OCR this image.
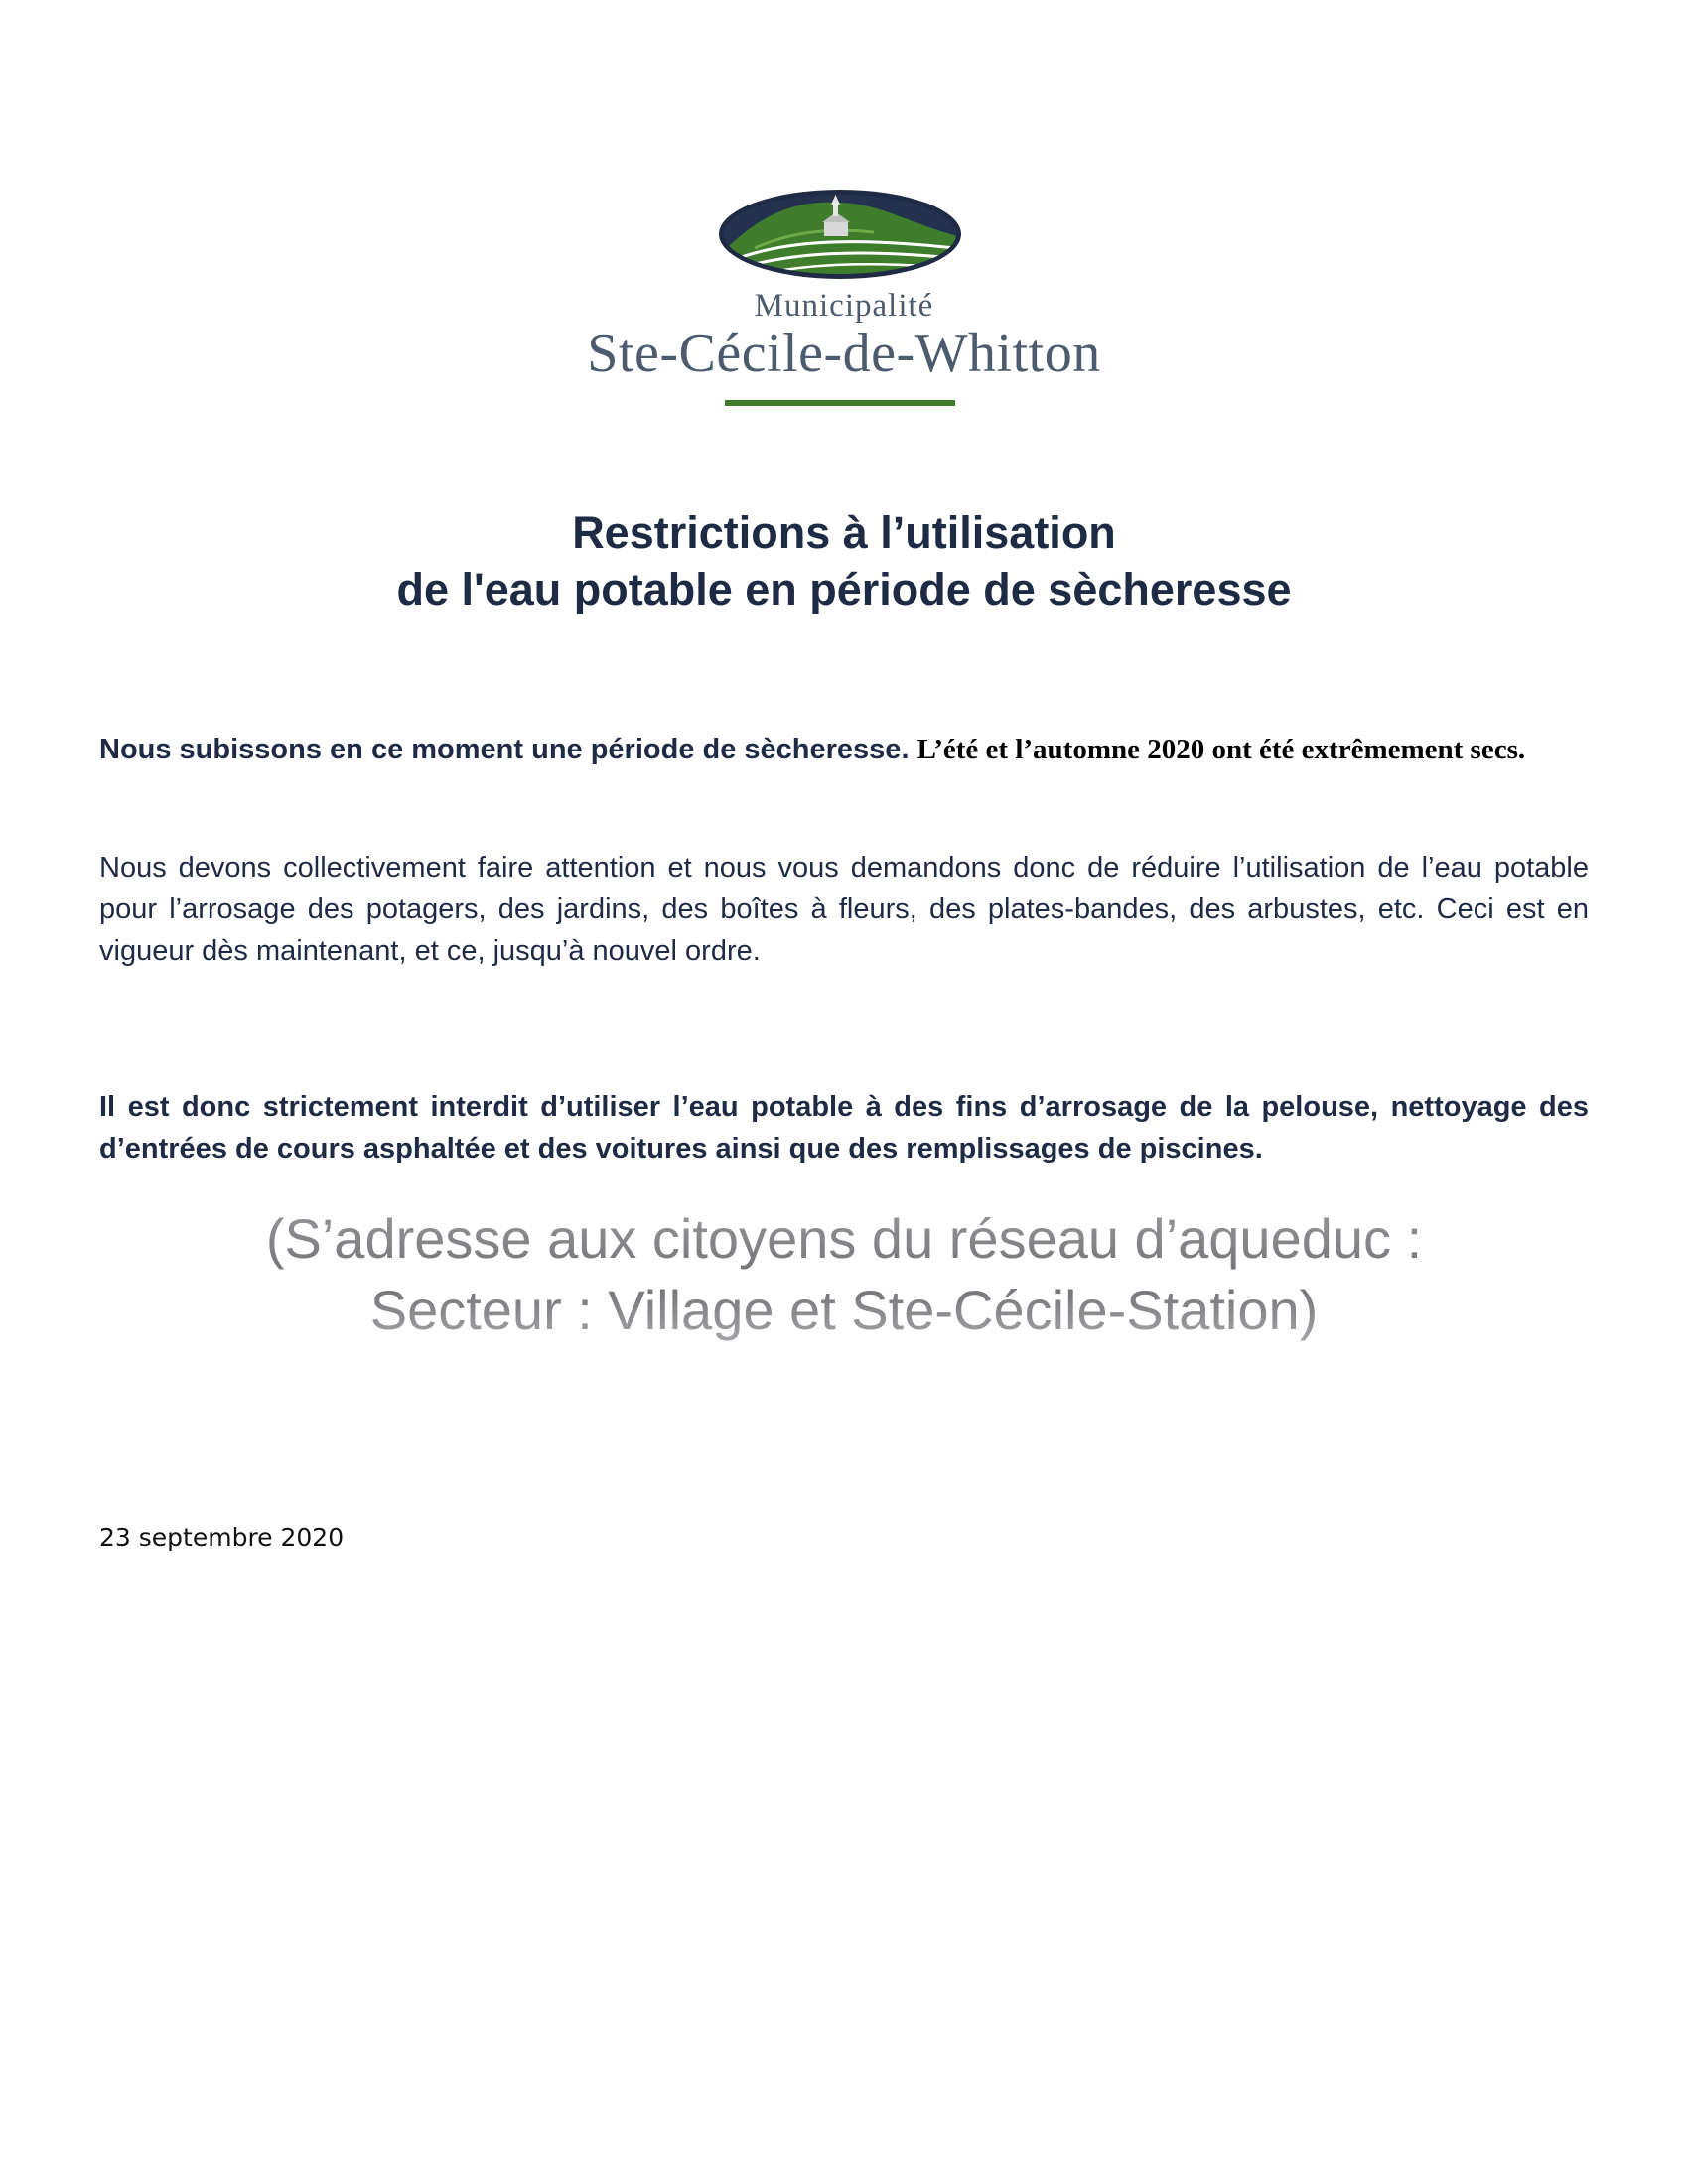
Municipalité
Ste-Cécile-de-Whitton
Restrictions à l’utilisation
de l'eau potable en période de sècheresse

Nous subissons en ce moment une période de sècheresse. L’été et l’automne 2020 ont été extrêmement secs.

Nous devons collectivement faire attention et nous vous demandons donc de réduire l’utilisation de l’eau potable pour l’arrosage des potagers, des jardins, des boîtes à fleurs, des plates-bandes, des arbustes, etc. Ceci est en vigueur dès maintenant, et ce, jusqu’à nouvel ordre.

Il est donc strictement interdit d’utiliser l’eau potable à des fins d’arrosage de la pelouse, nettoyage des d’entrées de cours asphaltée et des voitures ainsi que des remplissages de piscines.

(S’adresse aux citoyens du réseau d’aqueduc :
Secteur : Village et Ste-Cécile-Station)

23 septembre 2020
